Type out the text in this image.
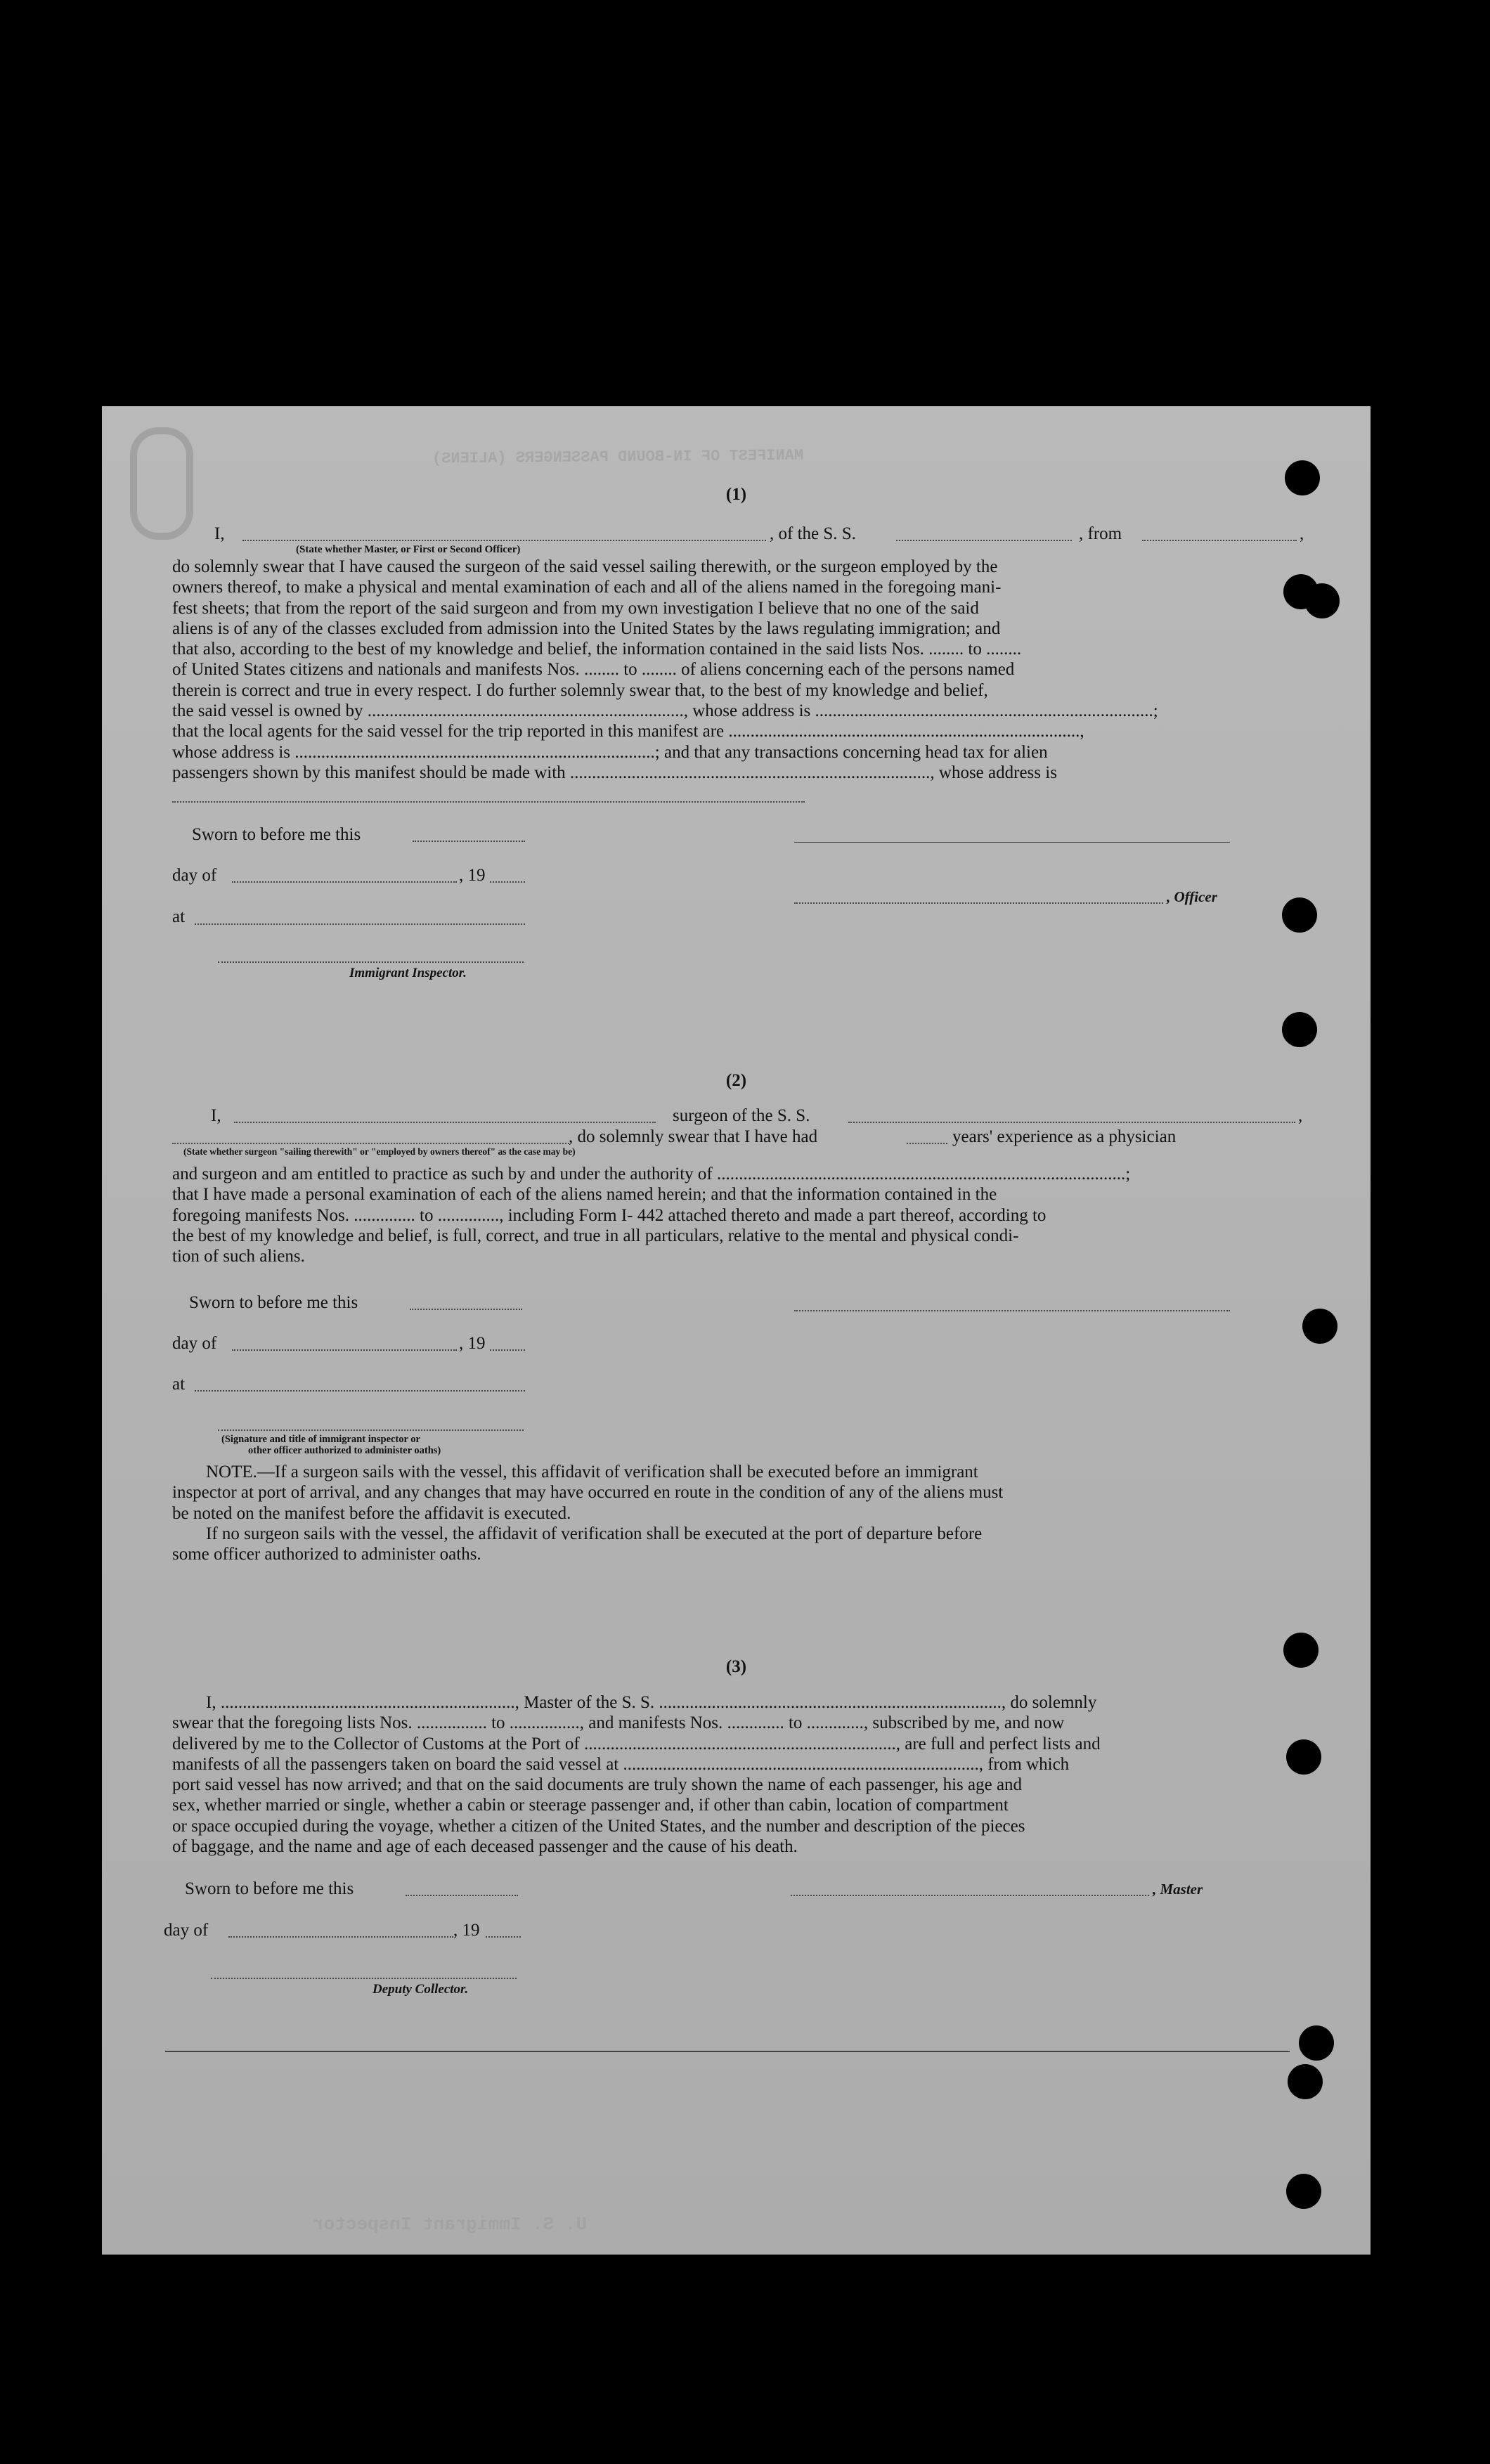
MANIFEST OF IN-BOUND PASSENGERS (ALIENS)
U. S. Immigrant Inspector
(1)
I,	, of the S. S.	, from	,
(State whether Master, or First or Second Officer)
do solemnly swear that I have caused the surgeon of the said vessel sailing therewith, or the surgeon employed by the
owners thereof, to make a physical and mental examination of each and all of the aliens named in the foregoing mani-
fest sheets; that from the report of the said surgeon and from my own investigation I believe that no one of the said
aliens is of any of the classes excluded from admission into the United States by the laws regulating immigration; and
that also, according to the best of my knowledge and belief, the information contained in the said lists Nos. ........ to ........
of United States citizens and nationals and manifests Nos. ........ to ........ of aliens concerning each of the persons named
therein is correct and true in every respect. I do further solemnly swear that, to the best of my knowledge and belief,
the said vessel is owned by ........................................................................, whose address is .............................................................................;
that the local agents for the said vessel for the trip reported in this manifest are ................................................................................,
whose address is ..................................................................................; and that any transactions concerning head tax for alien
passengers shown by this manifest should be made with .................................................................................., whose address is
Sworn to before me this
day of	, 19
, Officer
at
Immigrant Inspector.
(2)
I,	surgeon of the S. S.	,
, do solemnly swear that I have had	years' experience as a physician
(State whether surgeon "sailing therewith" or "employed by owners thereof" as the case may be)
and surgeon and am entitled to practice as such by and under the authority of .............................................................................................;
that I have made a personal examination of each of the aliens named herein; and that the information contained in the
foregoing manifests Nos. .............. to .............., including Form I- 442 attached thereto and made a part thereof, according to
the best of my knowledge and belief, is full, correct, and true in all particulars, relative to the mental and physical condi-
tion of such aliens.
Sworn to before me this
day of	, 19
at
(Signature and title of immigrant inspector or
other officer authorized to administer oaths)
NOTE.—If a surgeon sails with the vessel, this affidavit of verification shall be executed before an immigrant
inspector at port of arrival, and any changes that may have occurred en route in the condition of any of the aliens must
be noted on the manifest before the affidavit is executed.
If no surgeon sails with the vessel, the affidavit of verification shall be executed at the port of departure before
some officer authorized to administer oaths.
(3)
I, ..................................................................., Master of the S. S. .............................................................................., do solemnly
swear that the foregoing lists Nos. ................ to ................, and manifests Nos. ............. to ............., subscribed by me, and now
delivered by me to the Collector of Customs at the Port of ......................................................................., are full and perfect lists and
manifests of all the passengers taken on board the said vessel at ................................................................................., from which
port said vessel has now arrived; and that on the said documents are truly shown the name of each passenger, his age and
sex, whether married or single, whether a cabin or steerage passenger and, if other than cabin, location of compartment
or space occupied during the voyage, whether a citizen of the United States, and the number and description of the pieces
of baggage, and the name and age of each deceased passenger and the cause of his death.
Sworn to before me this	, Master
day of	, 19
Deputy Collector.
